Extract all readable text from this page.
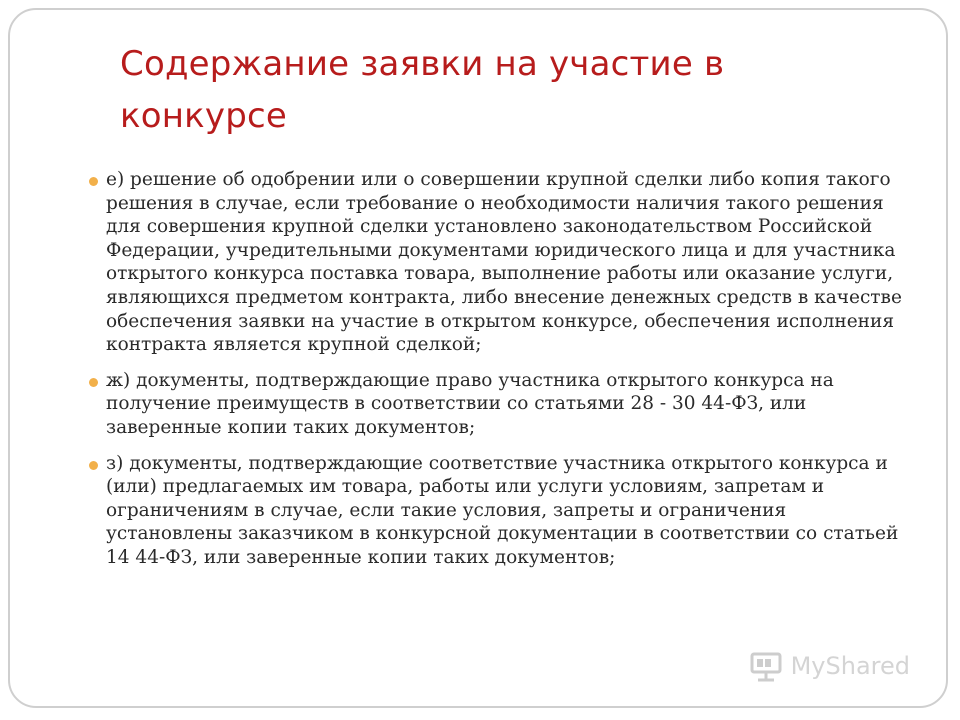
Содержание заявки на участие в конкурсе
е) решение об одобрении или о совершении крупной сделки либо копия такого решения в случае, если требование о необходимости наличия такого решения для совершения крупной сделки установлено законодательством Российской Федерации, учредительными документами юридического лица и для участника открытого конкурса поставка товара, выполнение работы или оказание услуги, являющихся предметом контракта, либо внесение денежных средств в качестве обеспечения заявки на участие в открытом конкурсе, обеспечения исполнения контракта является крупной сделкой;
ж) документы, подтверждающие право участника открытого конкурса на получение преимуществ в соответствии со статьями 28 - 30 44-ФЗ, или заверенные копии таких документов;
з) документы, подтверждающие соответствие участника открытого конкурса и (или) предлагаемых им товара, работы или услуги условиям, запретам и ограничениям в случае, если такие условия, запреты и ограничения установлены заказчиком в конкурсной документации в соответствии со статьей 14 44-ФЗ, или заверенные копии таких документов;
MyShared
